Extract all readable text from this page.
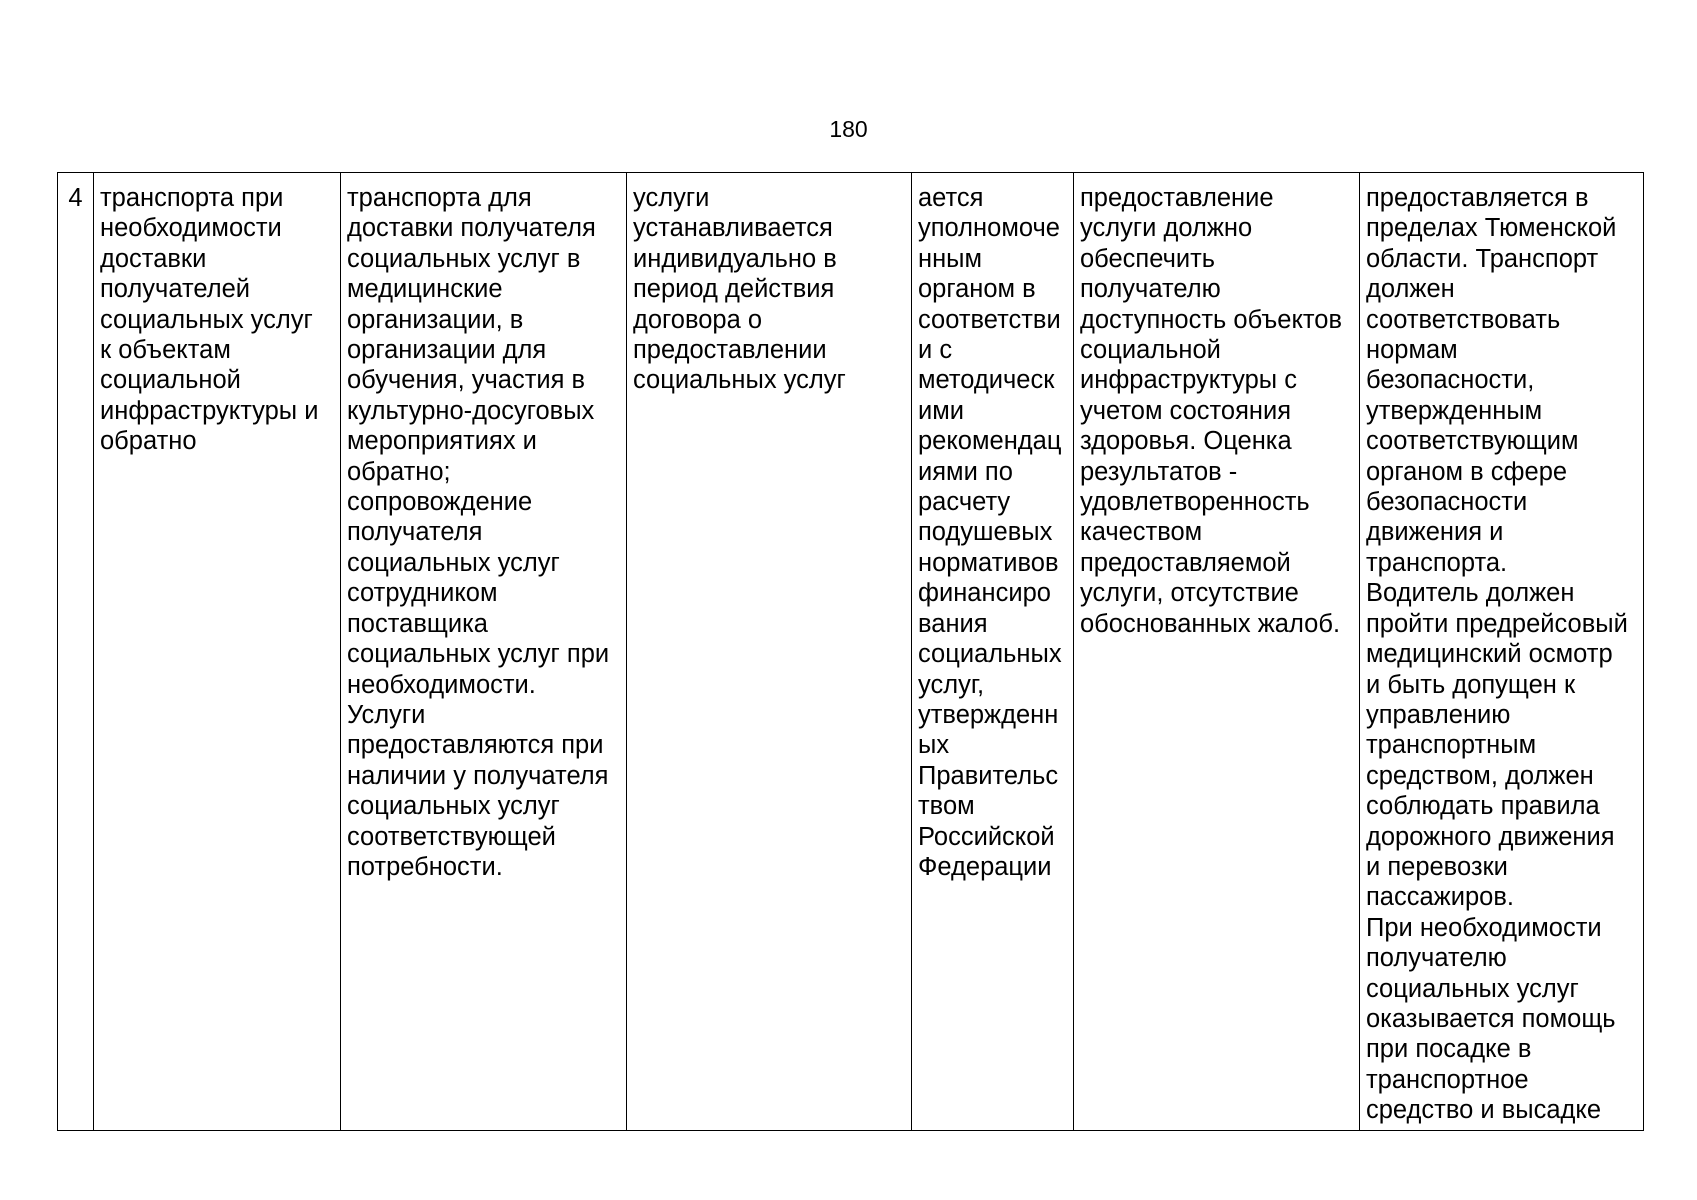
180
4	транспорта при
необходимости
доставки
получателей
социальных услуг
к объектам
социальной
инфраструктуры и
обратно	транспорта для
доставки получателя
социальных услуг в
медицинские
организации, в
организации для
обучения, участия в
культурно-досуговых
мероприятиях и
обратно;
сопровождение
получателя
социальных услуг
сотрудником
поставщика
социальных услуг при
необходимости.
Услуги
предоставляются при
наличии у получателя
социальных услуг
соответствующей
потребности.	услуги
устанавливается
индивидуально в
период действия
договора о
предоставлении
социальных услуг	ается
уполномоче
нным
органом в
соответстви
и с
методическ
ими
рекомендац
иями по
расчету
подушевых
нормативов
финансиро
вания
социальных
услуг,
утвержденн
ых
Правительс
твом
Российской
Федерации	предоставление
услуги должно
обеспечить
получателю
доступность объектов
социальной
инфраструктуры с
учетом состояния
здоровья. Оценка
результатов -
удовлетворенность
качеством
предоставляемой
услуги, отсутствие
обоснованных жалоб.	предоставляется в
пределах Тюменской
области. Транспорт
должен
соответствовать
нормам
безопасности,
утвержденным
соответствующим
органом в сфере
безопасности
движения и
транспорта.
Водитель должен
пройти предрейсовый
медицинский осмотр
и быть допущен к
управлению
транспортным
средством, должен
соблюдать правила
дорожного движения
и перевозки
пассажиров.
При необходимости
получателю
социальных услуг
оказывается помощь
при посадке в
транспортное
средство и высадке
